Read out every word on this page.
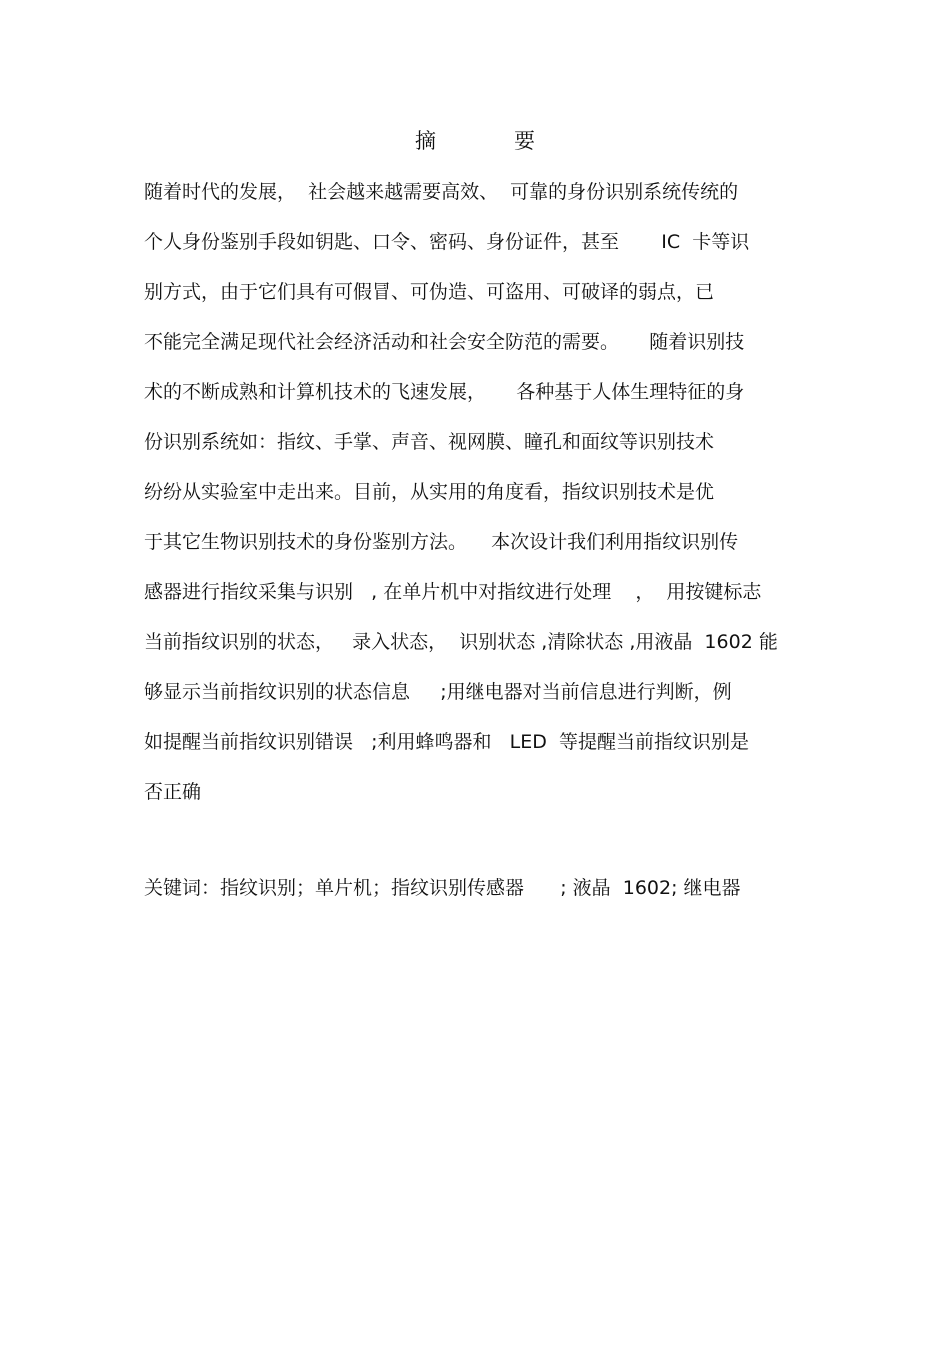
摘	要
随着时代的发展，  社会越来越需要高效、  可靠的身份识别系统传统的
个人身份鉴别手段如钥匙、口令、密码、身份证件，甚至       IC  卡等识
别方式，由于它们具有可假冒、可伪造、可盗用、可破译的弱点，已
不能完全满足现代社会经济活动和社会安全防范的需要。     随着识别技
术的不断成熟和计算机技术的飞速发展，     各种基于人体生理特征的身
份识别系统如：指纹、手掌、声音、视网膜、瞳孔和面纹等识别技术
纷纷从实验室中走出来。目前，从实用的角度看，指纹识别技术是优
于其它生物识别技术的身份鉴别方法。    本次设计我们利用指纹识别传
感器进行指纹采集与识别   , 在单片机中对指纹进行处理    ，  用按键标志
当前指纹识别的状态，   录入状态，  识别状态 ,清除状态 ,用液晶  1602 能
够显示当前指纹识别的状态信息     ;用继电器对当前信息进行判断，例
如提醒当前指纹识别错误   ;利用蜂鸣器和   LED  等提醒当前指纹识别是
否正确
关键词：指纹识别；单片机；指纹识别传感器      ; 液晶  1602; 继电器
